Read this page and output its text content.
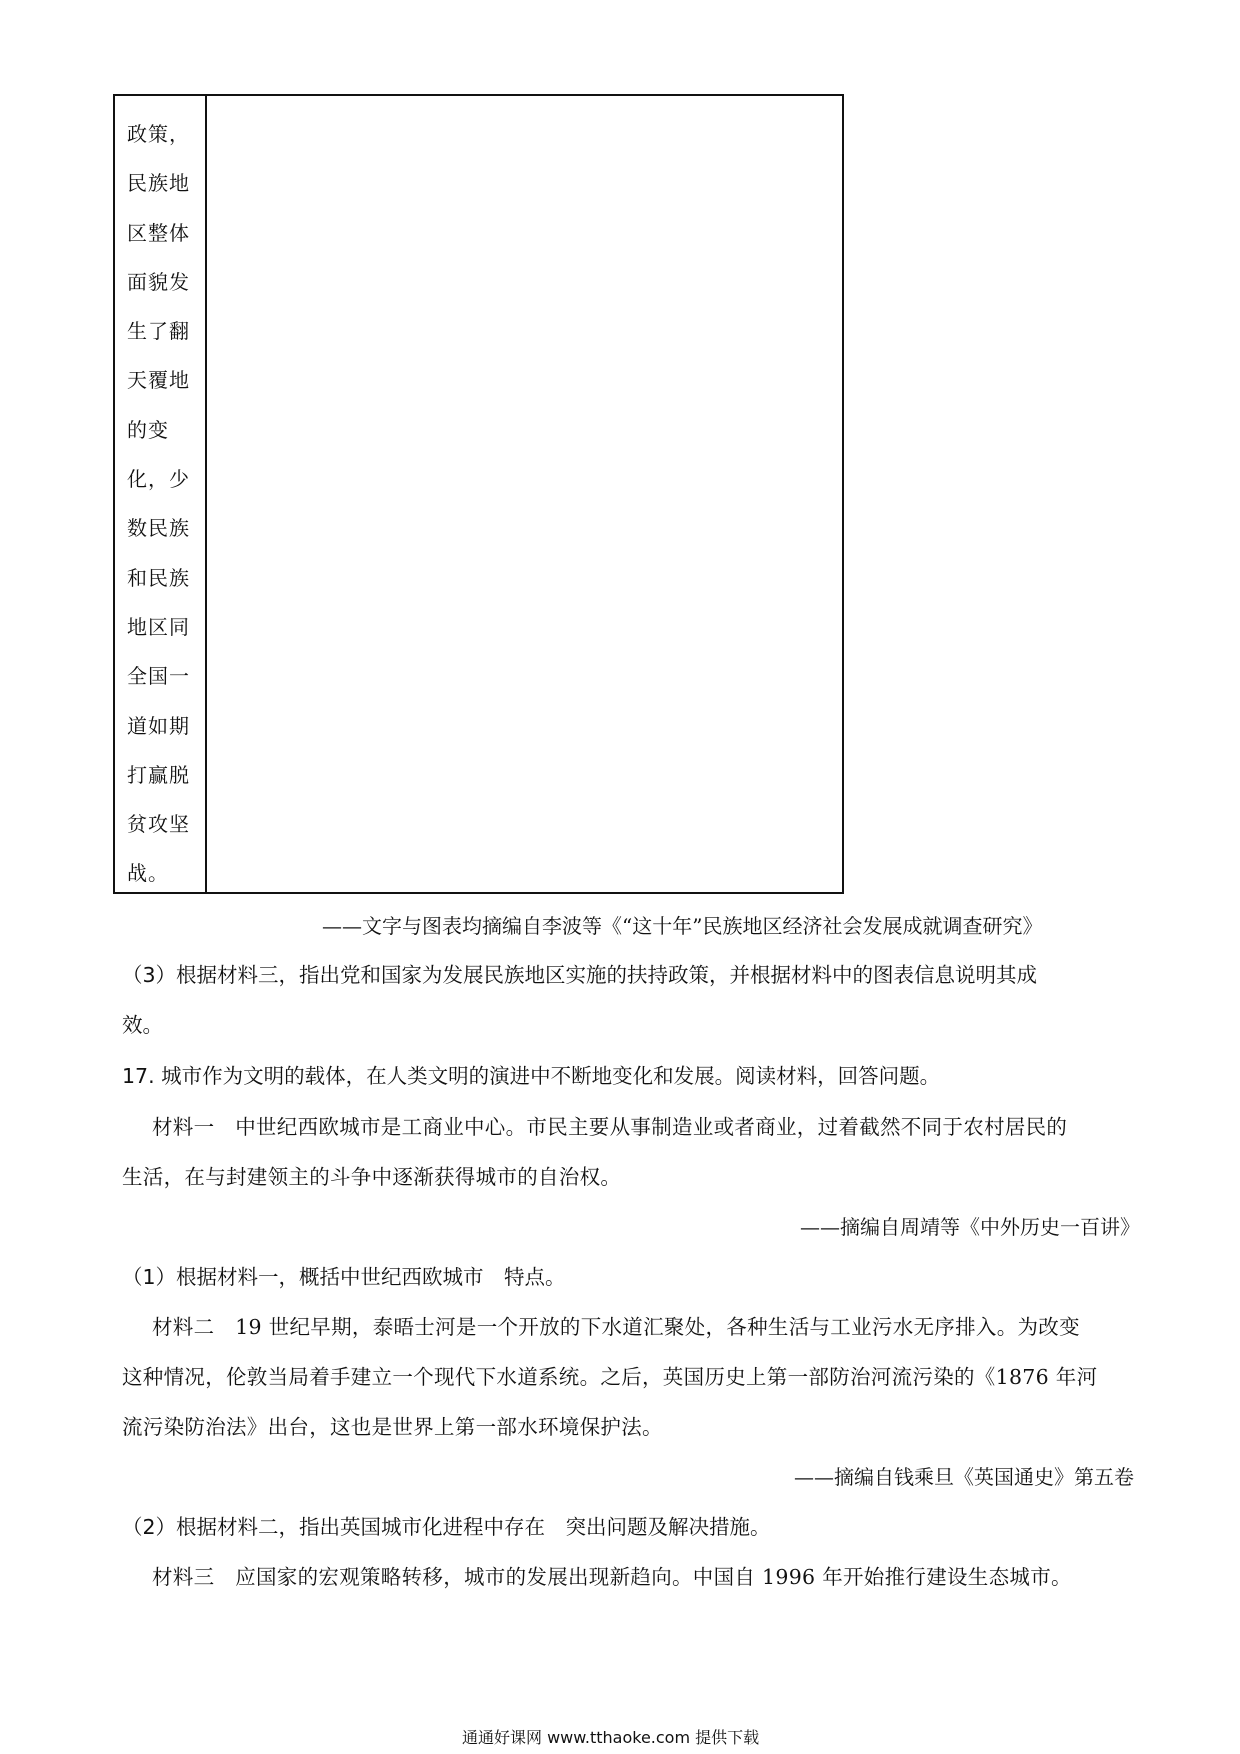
政策，
民族地
区整体
面貌发
生了翻
天覆地
的变
化，少
数民族
和民族
地区同
全国一
道如期
打赢脱
贫攻坚
战。
——文字与图表均摘编自李波等《“这十年”民族地区经济社会发展成就调查研究》
（3）根据材料三，指出党和国家为发展民族地区实施的扶持政策，并根据材料中的图表信息说明其成
效。
17. 城市作为文明的载体，在人类文明的演进中不断地变化和发展。阅读材料，回答问题。
材料一　中世纪西欧城市是工商业中心。市民主要从事制造业或者商业，过着截然不同于农村居民的
生活，在与封建领主的斗争中逐渐获得城市的自治权。
——摘编自周靖等《中外历史一百讲》
（1）根据材料一，概括中世纪西欧城市　特点。
材料二　19 世纪早期，泰晤士河是一个开放的下水道汇聚处，各种生活与工业污水无序排入。为改变
这种情况，伦敦当局着手建立一个现代下水道系统。之后，英国历史上第一部防治河流污染的《1876 年河
流污染防治法》出台，这也是世界上第一部水环境保护法。
——摘编自钱乘旦《英国通史》第五卷
（2）根据材料二，指出英国城市化进程中存在　突出问题及解决措施。
材料三　应国家的宏观策略转移，城市的发展出现新趋向。中国自 1996 年开始推行建设生态城市。
通通好课网 www.tthaoke.com 提供下载
